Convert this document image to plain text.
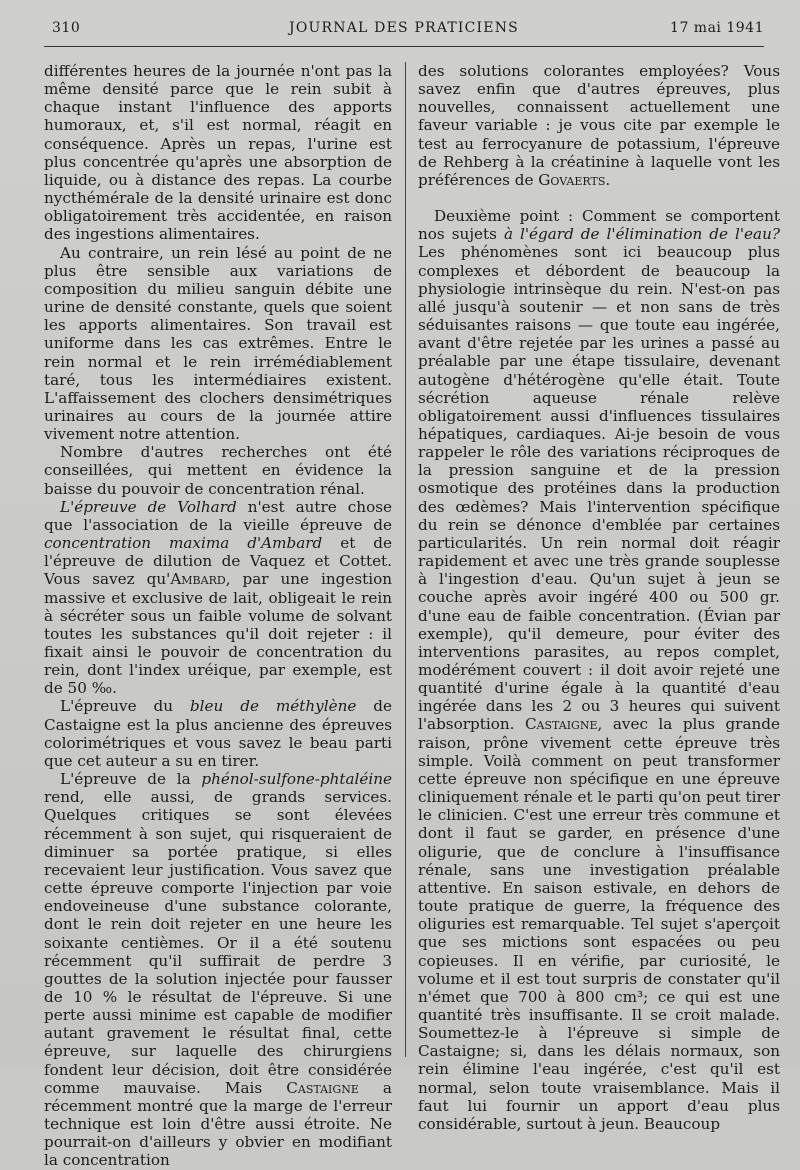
310	JOURNAL DES PRATICIENS	17 mai 1941

différentes heures de la journée n'ont pas la même densité parce que le rein subit à chaque instant l'influence des apports humoraux, et, s'il est normal, réagit en conséquence. Après un repas, l'urine est plus concentrée qu'après une absorption de liquide, ou à distance des repas. La courbe nycthémérale de la densité urinaire est donc obligatoirement très accidentée, en raison des ingestions alimentaires.

Au contraire, un rein lésé au point de ne plus être sensible aux variations de composition du milieu sanguin débite une urine de densité constante, quels que soient les apports alimentaires. Son travail est uniforme dans les cas extrêmes. Entre le rein normal et le rein irrémédiablement taré, tous les intermédiaires existent. L'affaissement des clochers densimétriques urinaires au cours de la journée attire vivement notre attention.

Nombre d'autres recherches ont été conseillées, qui mettent en évidence la baisse du pouvoir de concentration rénal.

L'épreuve de Volhard n'est autre chose que l'association de la vieille épreuve de concentration maxima d'Ambard et de l'épreuve de dilution de Vaquez et Cottet. Vous savez qu'Ambard, par une ingestion massive et exclusive de lait, obligeait le rein à sécréter sous un faible volume de solvant toutes les substances qu'il doit rejeter : il fixait ainsi le pouvoir de concentration du rein, dont l'index uréique, par exemple, est de 50 ‰.

L'épreuve du bleu de méthylène de Castaigne est la plus ancienne des épreuves colorimétriques et vous savez le beau parti que cet auteur a su en tirer.

L'épreuve de la phénol-sulfone-phtaléine rend, elle aussi, de grands services. Quelques critiques se sont élevées récemment à son sujet, qui risqueraient de diminuer sa portée pratique, si elles recevaient leur justification. Vous savez que cette épreuve comporte l'injection par voie endoveineuse d'une substance colorante, dont le rein doit rejeter en une heure les soixante centièmes. Or il a été soutenu récemment qu'il suffirait de perdre 3 gouttes de la solution injectée pour fausser de 10 % le résultat de l'épreuve. Si une perte aussi minime est capable de modifier autant gravement le résultat final, cette épreuve, sur laquelle des chirurgiens fondent leur décision, doit être considérée comme mauvaise. Mais Castaigne a récemment montré que la marge de l'erreur technique est loin d'être aussi étroite. Ne pourrait-on d'ailleurs y obvier en modifiant la concentration

des solutions colorantes employées? Vous savez enfin que d'autres épreuves, plus nouvelles, connaissent actuellement une faveur variable : je vous cite par exemple le test au ferrocyanure de potassium, l'épreuve de Rehberg à la créatinine à laquelle vont les préférences de Govaerts.

Deuxième point : Comment se comportent nos sujets à l'égard de l'élimination de l'eau? Les phénomènes sont ici beaucoup plus complexes et débordent de beaucoup la physiologie intrinsèque du rein. N'est-on pas allé jusqu'à soutenir — et non sans de très séduisantes raisons — que toute eau ingérée, avant d'être rejetée par les urines a passé au préalable par une étape tissulaire, devenant autogène d'hétérogène qu'elle était. Toute sécrétion aqueuse rénale relève obligatoirement aussi d'influences tissulaires hépatiques, cardiaques. Ai-je besoin de vous rappeler le rôle des variations réciproques de la pression sanguine et de la pression osmotique des protéines dans la production des œdèmes? Mais l'intervention spécifique du rein se dénonce d'emblée par certaines particularités. Un rein normal doit réagir rapidement et avec une très grande souplesse à l'ingestion d'eau. Qu'un sujet à jeun se couche après avoir ingéré 400 ou 500 gr. d'une eau de faible concentration. (Évian par exemple), qu'il demeure, pour éviter des interventions parasites, au repos complet, modérément couvert : il doit avoir rejeté une quantité d'urine égale à la quantité d'eau ingérée dans les 2 ou 3 heures qui suivent l'absorption. Castaigne, avec la plus grande raison, prône vivement cette épreuve très simple. Voilà comment on peut transformer cette épreuve non spécifique en une épreuve cliniquement rénale et le parti qu'on peut tirer le clinicien. C'est une erreur très commune et dont il faut se garder, en présence d'une oligurie, que de conclure à l'insuffisance rénale, sans une investigation préalable attentive. En saison estivale, en dehors de toute pratique de guerre, la fréquence des oliguries est remarquable. Tel sujet s'aperçoit que ses mictions sont espacées ou peu copieuses. Il en vérifie, par curiosité, le volume et il est tout surpris de constater qu'il n'émet que 700 à 800 cm³; ce qui est une quantité très insuffisante. Il se croit malade. Soumettez-le à l'épreuve si simple de Castaigne; si, dans les délais normaux, son rein élimine l'eau ingérée, c'est qu'il est normal, selon toute vraisemblance. Mais il faut lui fournir un apport d'eau plus considérable, surtout à jeun. Beaucoup
